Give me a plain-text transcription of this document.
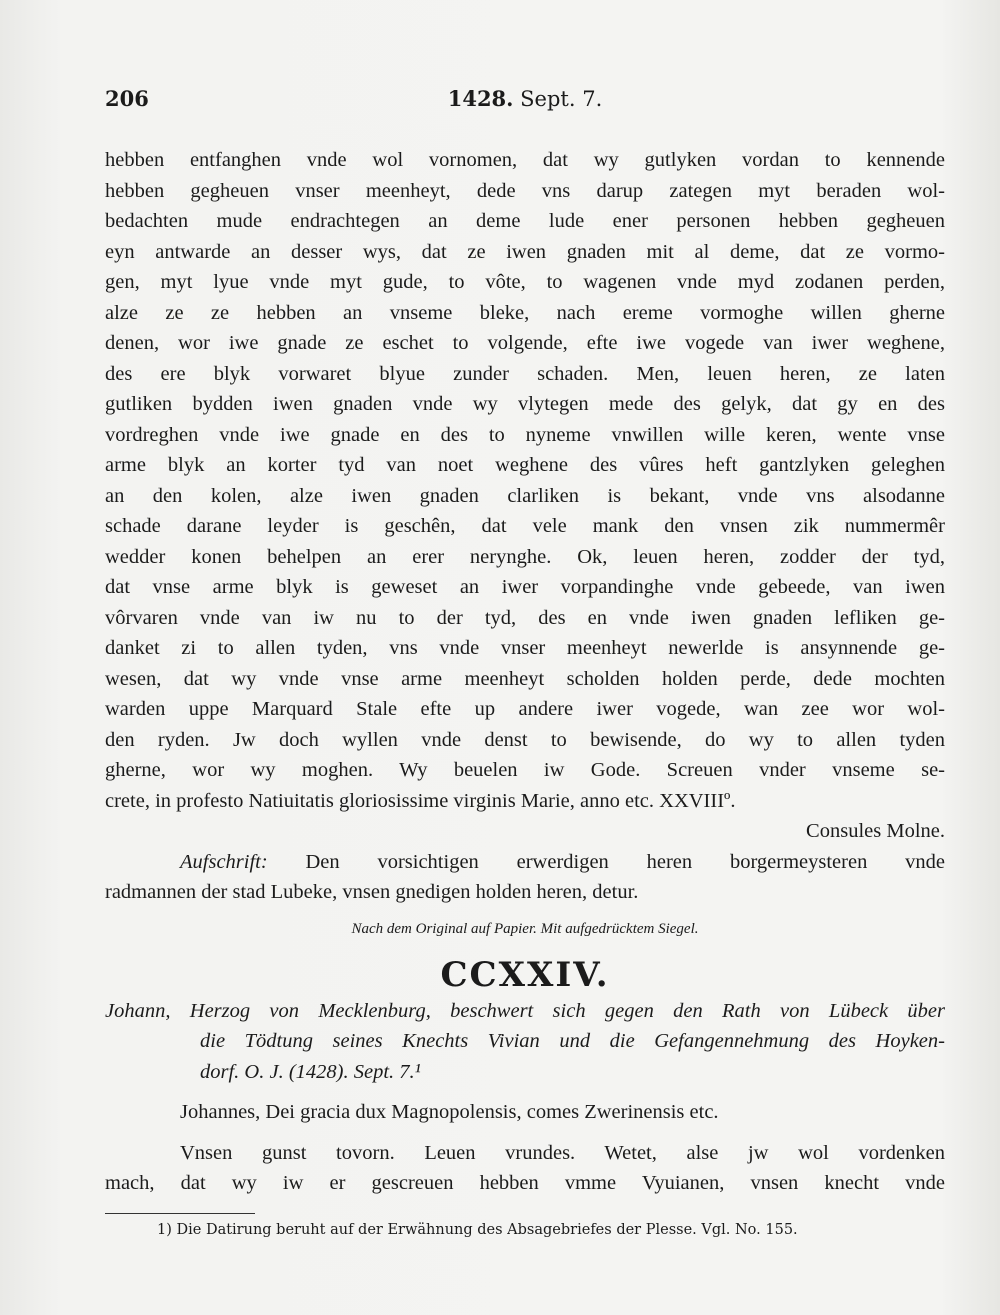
206	1428. Sept. 7.
hebben entfanghen vnde wol vornomen, dat wy gutlyken vordan to kennende
hebben gegheuen vnser meenheyt, dede vns darup zategen myt beraden wol-
bedachten mude endrachtegen an deme lude ener personen hebben gegheuen
eyn antwarde an desser wys, dat ze iwen gnaden mit al deme, dat ze vormo-
gen, myt lyue vnde myt gude, to vôte, to wagenen vnde myd zodanen perden,
alze ze ze hebben an vnseme bleke, nach ereme vormoghe willen gherne
denen, wor iwe gnade ze eschet to volgende, efte iwe vogede van iwer weghene,
des ere blyk vorwaret blyue zunder schaden. Men, leuen heren, ze laten
gutliken bydden iwen gnaden vnde wy vlytegen mede des gelyk, dat gy en des
vordreghen vnde iwe gnade en des to nyneme vnwillen wille keren, wente vnse
arme blyk an korter tyd van noet weghene des vûres heft gantzlyken geleghen
an den kolen, alze iwen gnaden clarliken is bekant, vnde vns alsodanne
schade darane leyder is geschên, dat vele mank den vnsen zik nummermêr
wedder konen behelpen an erer nerynghe. Ok, leuen heren, zodder der tyd,
dat vnse arme blyk is geweset an iwer vorpandinghe vnde gebeede, van iwen
vôrvaren vnde van iw nu to der tyd, des en vnde iwen gnaden lefliken ge-
danket zi to allen tyden, vns vnde vnser meenheyt newerlde is ansynnende ge-
wesen, dat wy vnde vnse arme meenheyt scholden holden perde, dede mochten
warden uppe Marquard Stale efte up andere iwer vogede, wan zee wor wol-
den ryden. Jw doch wyllen vnde denst to bewisende, do wy to allen tyden
gherne, wor wy moghen. Wy beuelen iw Gode. Screuen vnder vnseme se-
crete, in profesto Natiuitatis gloriosissime virginis Marie, anno etc. XXVIIIº.
Consules Molne.
Aufschrift: Den vorsichtigen erwerdigen heren borgermeysteren vnde
radmannen der stad Lubeke, vnsen gnedigen holden heren, detur.
Nach dem Original auf Papier. Mit aufgedrücktem Siegel.
CCXXIV.
Johann, Herzog von Mecklenburg, beschwert sich gegen den Rath von Lübeck über
die Tödtung seines Knechts Vivian und die Gefangennehmung des Hoyken-
dorf. O. J. (1428). Sept. 7.¹
Johannes, Dei gracia dux Magnopolensis, comes Zwerinensis etc.
Vnsen gunst tovorn. Leuen vrundes. Wetet, alse jw wol vordenken
mach, dat wy iw er gescreuen hebben vmme Vyuianen, vnsen knecht vnde
1) Die Datirung beruht auf der Erwähnung des Absagebriefes der Plesse. Vgl. No. 155.
